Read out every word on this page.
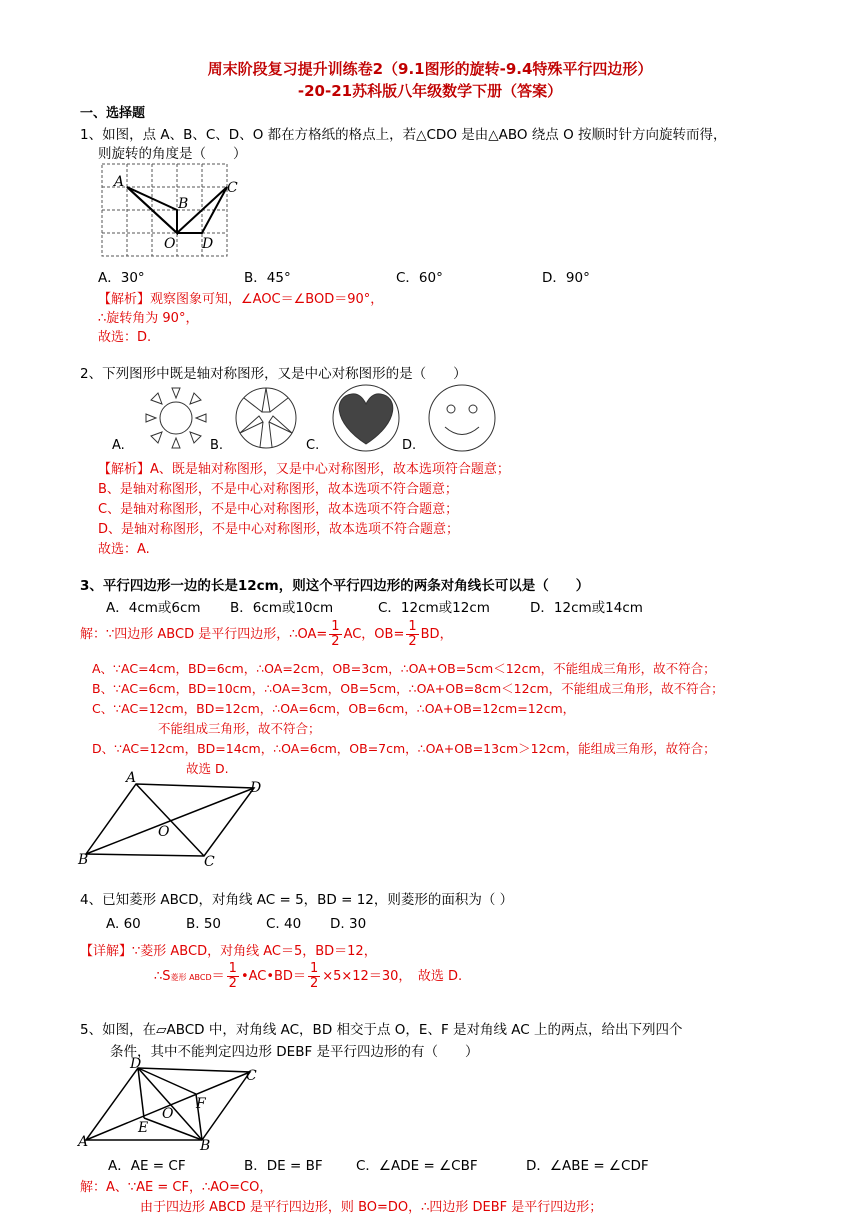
周末阶段复习提升训练卷2（9.1图形的旋转-9.4特殊平行四边形）
-20-21苏科版八年级数学下册（答案）
一、选择题
1、如图，点 A、B、C、D、O 都在方格纸的格点上，若△CDO 是由△ABO 绕点 O 按顺时针方向旋转而得，
则旋转的角度是（　　）
A
B
C
O D
A．30°	B．45°	C．60°	D．90°
【解析】观察图象可知，∠AOC＝∠BOD＝90°，
∴旋转角为 90°，
故选：D.
2、下列图形中既是轴对称图形，又是中心对称图形的是（　　）
A.	B.	C.	D.
【解析】A、既是轴对称图形，又是中心对称图形，故本选项符合题意；
B、是轴对称图形，不是中心对称图形，故本选项不符合题意；
C、是轴对称图形，不是中心对称图形，故本选项不符合题意；
D、是轴对称图形，不是中心对称图形，故本选项不符合题意；
故选：A.
3、平行四边形一边的长是12cm，则这个平行四边形的两条对角线长可以是（　　）
A．4cm或6cm B．6cm或10cm	C．12cm或12cm	D．12cm或14cm
解：∵四边形 ABCD 是平行四边形，∴OA= $\frac{1}{2}$ AC，$OB= \frac{1}{2}$ BD，
A、∵AC=4cm，BD=6cm，∴OA=2cm，OB=3cm，∴OA+OB=5cm＜12cm，不能组成三角形，故不符合；
B、∵AC=6cm，BD=10cm，∴OA=3cm，OB=5cm，∴OA+OB=8cm＜12cm，不能组成三角形，故不符合；
C、∵AC=12cm，BD=12cm，∴OA=6cm，OB=6cm，∴OA+OB=12cm=12cm，
不能组成三角形，故不符合；
D、∵AC=12cm，BD=14cm，∴OA=6cm，OB=7cm，∴OA+OB=13cm＞12cm，能组成三角形，故符合；
故选 D.
A
D
O
B	C
4、已知菱形 ABCD，对角线 AC = 5，BD = 12，则菱形的面积为（ ）
A. 60	B. 50	C. 40 D. 30
【详解】∵菱形 ABCD，对角线 AC＝5，BD＝12，
∴S菱形 ABCD＝ $\frac{1}{2}$ •AC•BD＝ $\frac{1}{2} \times 5\times 12=30$，　故选 D.
5、如图，在▱ABCD 中，对角线 AC，BD 相交于点 O，E、F 是对角线 AC 上的两点，给出下列四个
条件，其中不能判定四边形 DEBF 是平行四边形的有（　　）
D
C
F
O
E
A	B
A．AE = CF	B．DE = BF C．∠ADE = ∠CBF	D．∠ABE = ∠CDF
解：A、∵AE = CF，∴AO=CO，
由于四边形 ABCD 是平行四边形，则 BO=DO，∴四边形 DEBF 是平行四边形；
